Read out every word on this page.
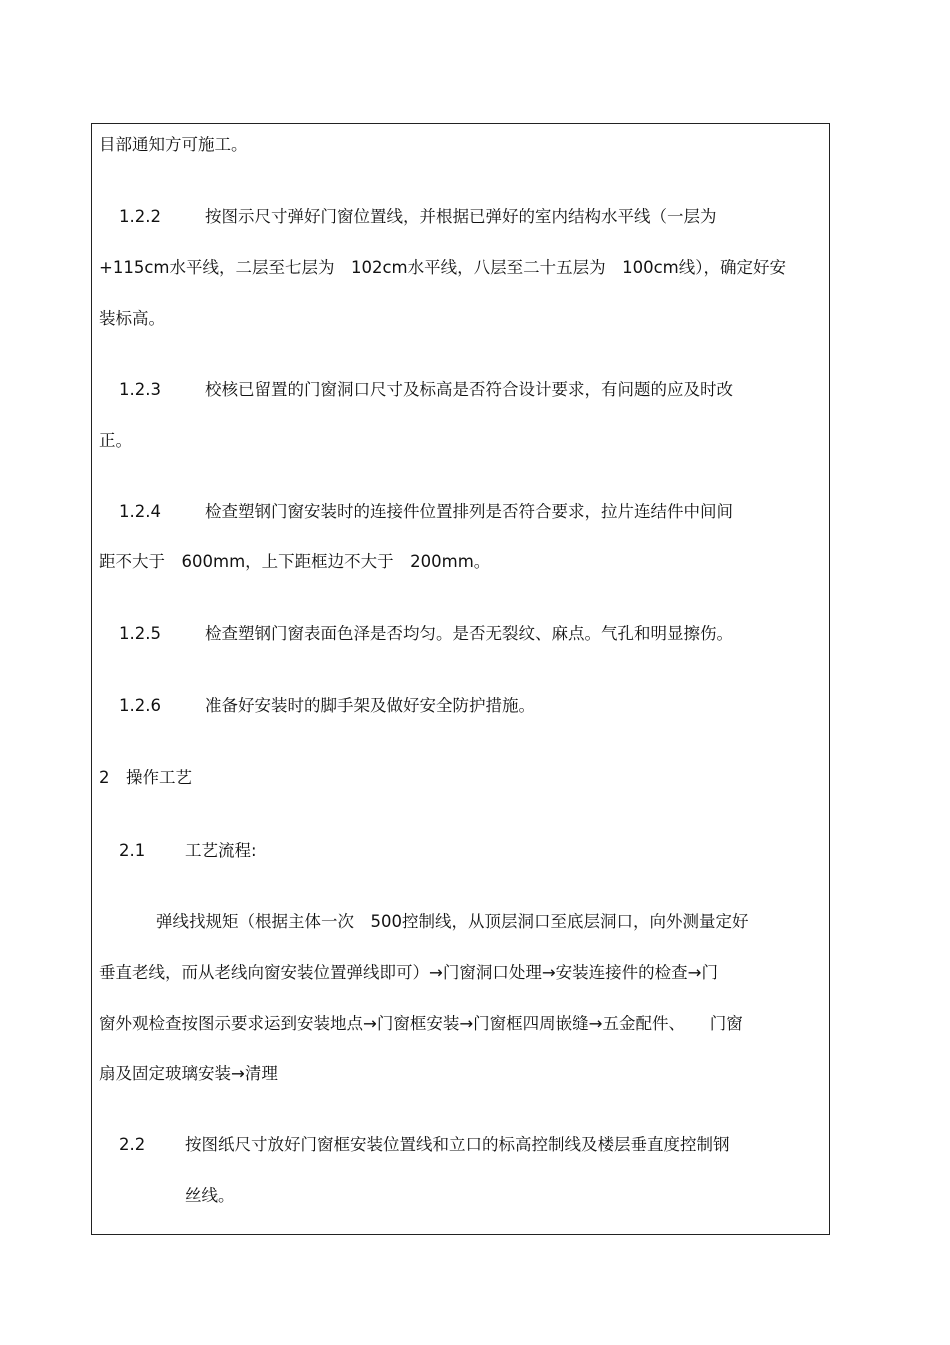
目部通知方可施工。
1.2.2	按图示尺寸弹好门窗位置线，并根据已弹好的室内结构水平线（一层为
+115cm水平线，二层至七层为　102cm水平线，八层至二十五层为　100cm线），确定好安
装标高。
1.2.3	校核已留置的门窗洞口尺寸及标高是否符合设计要求，有问题的应及时改
正。
1.2.4	检查塑钢门窗安装时的连接件位置排列是否符合要求，拉片连结件中间间
距不大于　600mm，上下距框边不大于　200mm。
1.2.5	检查塑钢门窗表面色泽是否均匀。是否无裂纹、麻点。气孔和明显擦伤。
1.2.6	准备好安装时的脚手架及做好安全防护措施。
2　操作工艺
2.1 工艺流程:
弹线找规矩（根据主体一次　500控制线，从顶层洞口至底层洞口，向外测量定好
垂直老线，而从老线向窗安装位置弹线即可）→门窗洞口处理→安装连接件的检查→门
窗外观检查按图示要求运到安装地点→门窗框安装→门窗框四周嵌缝→五金配件、　　门窗
扇及固定玻璃安装→清理
2.2 按图纸尺寸放好门窗框安装位置线和立口的标高控制线及楼层垂直度控制钢
丝线。
